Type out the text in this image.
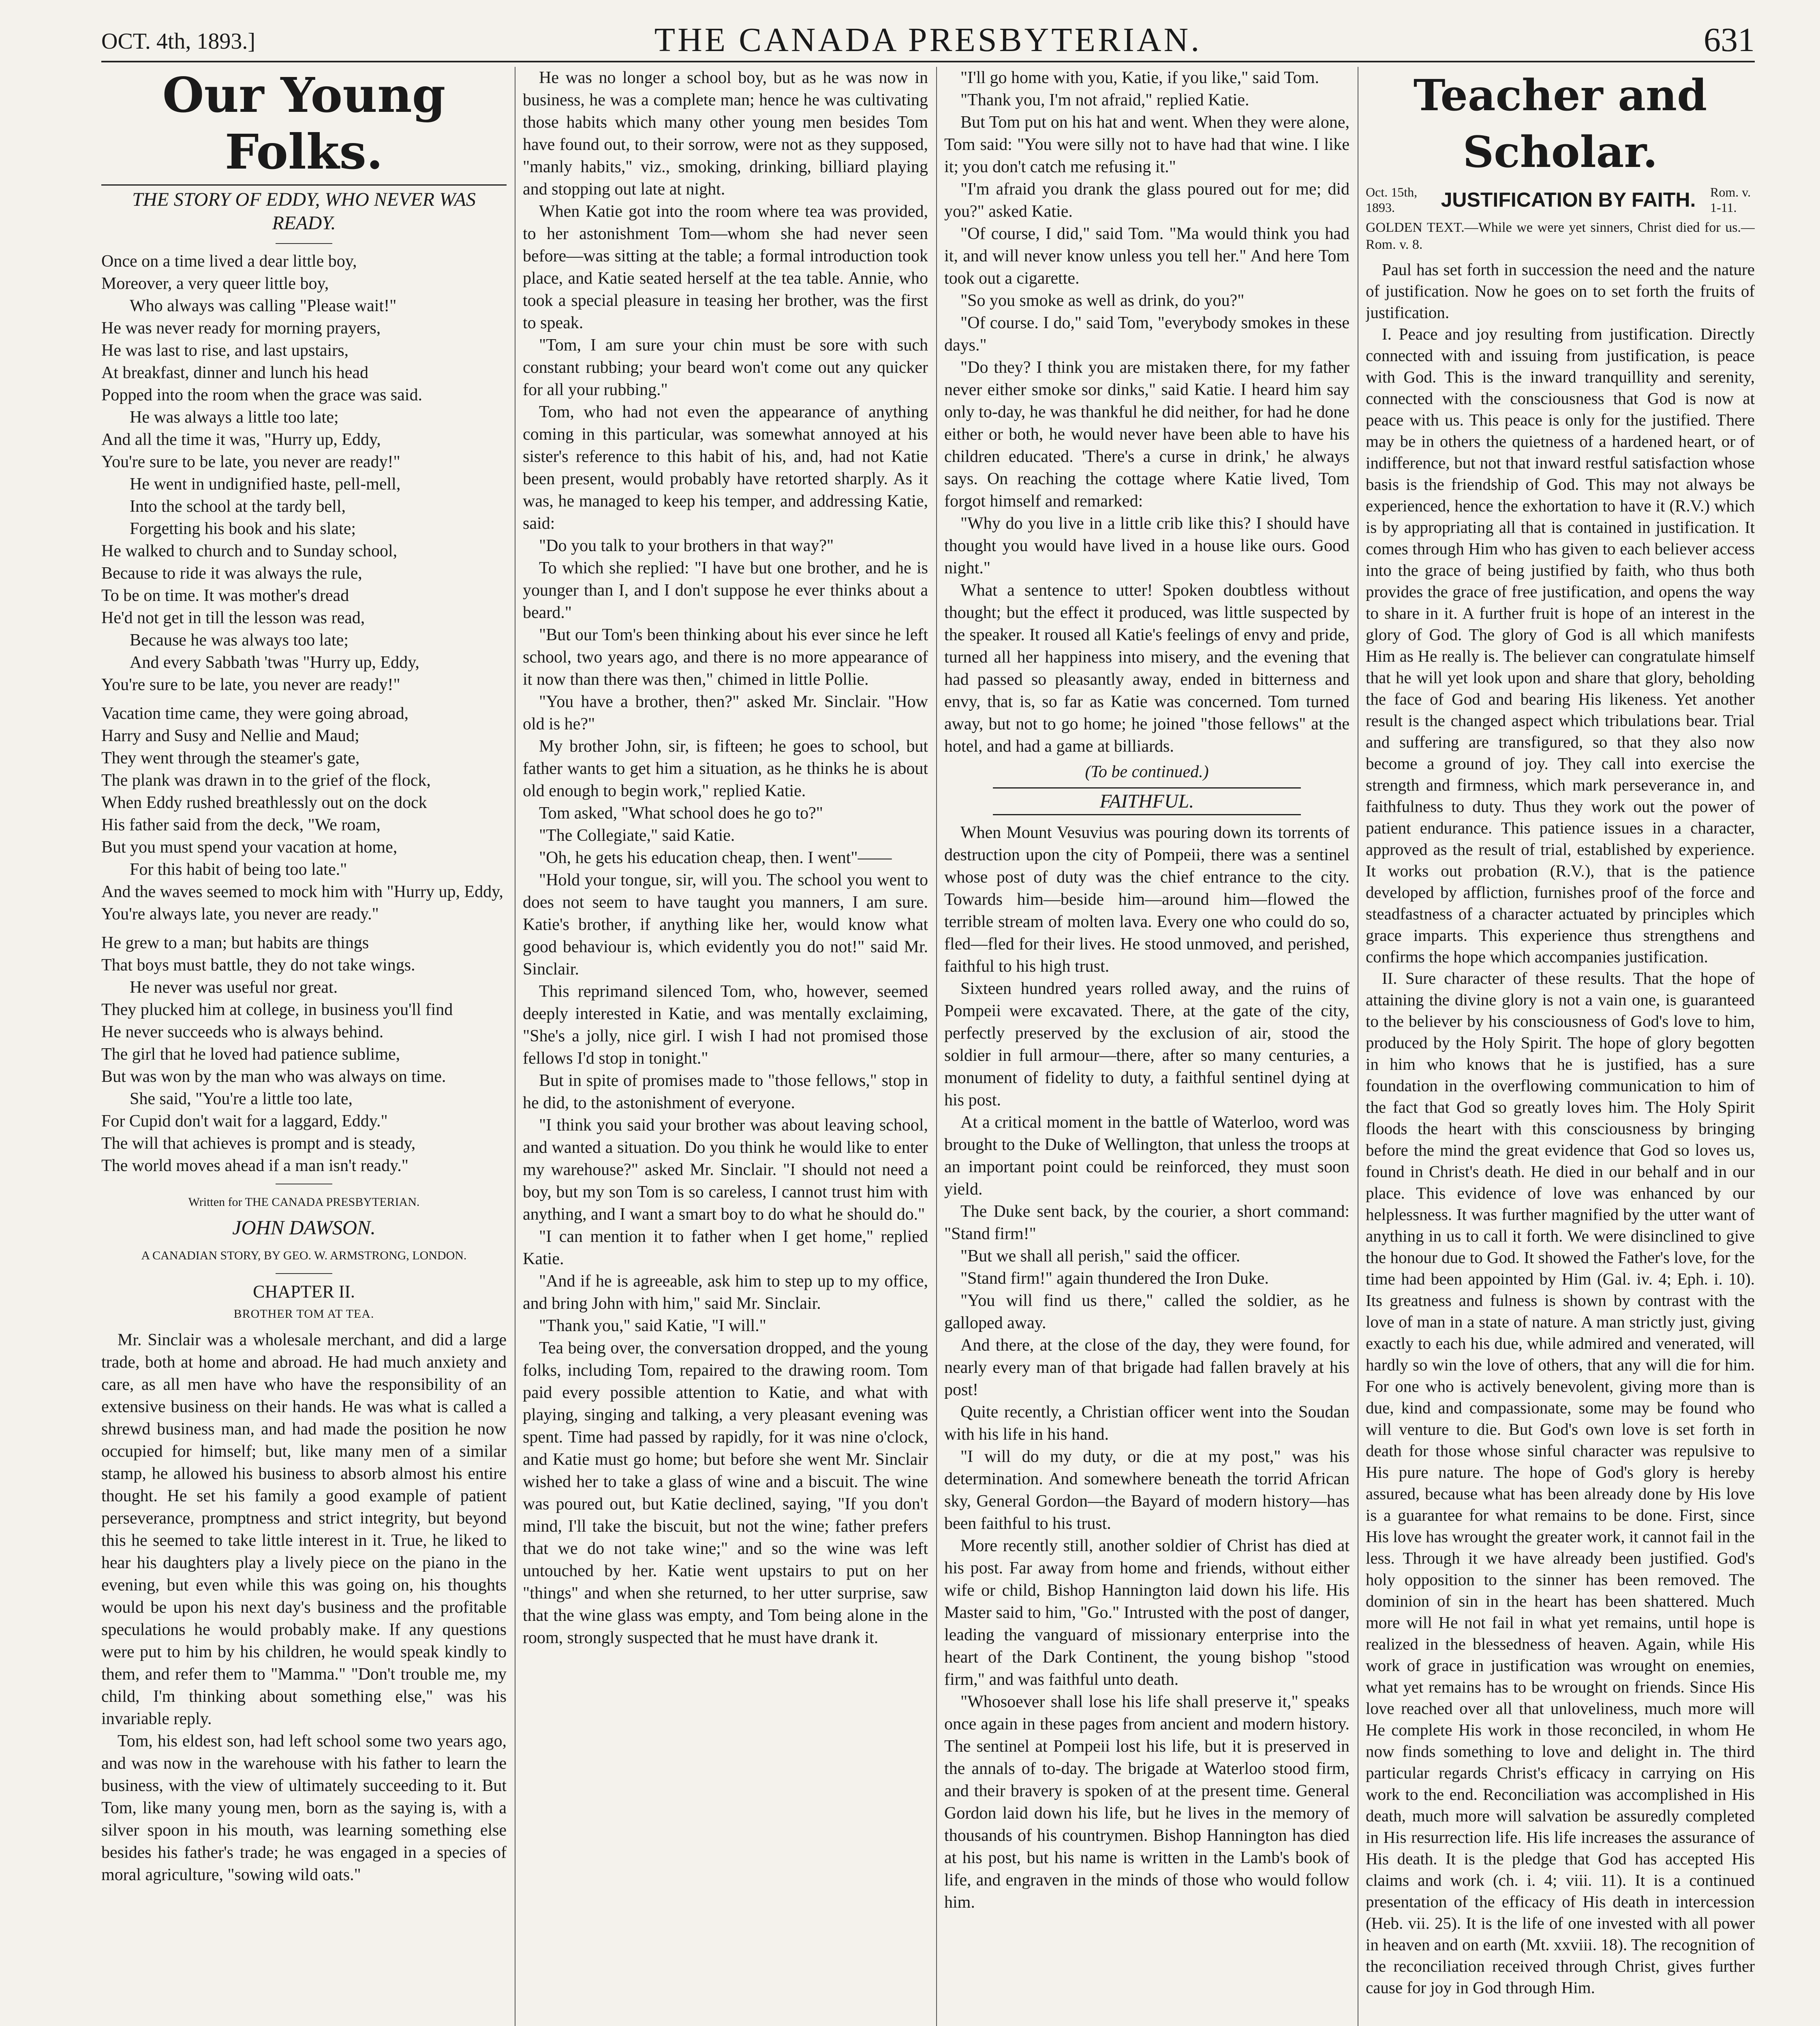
OCT. 4th, 1893.]	THE CANADA PRESBYTERIAN.	631
Our Young Folks.
THE STORY OF EDDY, WHO NEVER WAS READY.

Once on a time lived a dear little boy,

Moreover, a very queer little boy,

Who always was calling "Please wait!"

He was never ready for morning prayers,

He was last to rise, and last upstairs,

At breakfast, dinner and lunch his head

Popped into the room when the grace was said.

He was always a little too late;

And all the time it was, "Hurry up, Eddy,

You're sure to be late, you never are ready!"

He went in undignified haste, pell-mell,

Into the school at the tardy bell,

Forgetting his book and his slate;

He walked to church and to Sunday school,

Because to ride it was always the rule,

To be on time. It was mother's dread

He'd not get in till the lesson was read,

Because he was always too late;

And every Sabbath 'twas "Hurry up, Eddy,

You're sure to be late, you never are ready!"

Vacation time came, they were going abroad,

Harry and Susy and Nellie and Maud;

They went through the steamer's gate,

The plank was drawn in to the grief of the flock,

When Eddy rushed breathlessly out on the dock

His father said from the deck, "We roam,

But you must spend your vacation at home,

For this habit of being too late."

And the waves seemed to mock him with "Hurry up, Eddy,

You're always late, you never are ready."

He grew to a man; but habits are things

That boys must battle, they do not take wings.

He never was useful nor great.

They plucked him at college, in business you'll find

He never succeeds who is always behind.

The girl that he loved had patience sublime,

But was won by the man who was always on time.

She said, "You're a little too late,

For Cupid don't wait for a laggard, Eddy."

The will that achieves is prompt and is steady,

The world moves ahead if a man isn't ready."

Written for THE CANADA PRESBYTERIAN.
JOHN DAWSON.
A CANADIAN STORY, BY GEO. W. ARMSTRONG, LONDON.
CHAPTER II.
BROTHER TOM AT TEA.

Mr. Sinclair was a wholesale merchant, and did a large trade, both at home and abroad. He had much anxiety and care, as all men have who have the responsibility of an extensive business on their hands. He was what is called a shrewd business man, and had made the position he now occupied for himself; but, like many men of a similar stamp, he allowed his business to absorb almost his entire thought. He set his family a good example of patient perseverance, promptness and strict integrity, but beyond this he seemed to take little interest in it. True, he liked to hear his daughters play a lively piece on the piano in the evening, but even while this was going on, his thoughts would be upon his next day's business and the profitable speculations he would probably make. If any questions were put to him by his children, he would speak kindly to them, and refer them to "Mamma." "Don't trouble me, my child, I'm thinking about something else," was his invariable reply.

Tom, his eldest son, had left school some two years ago, and was now in the warehouse with his father to learn the business, with the view of ultimately succeeding to it. But Tom, like many young men, born as the saying is, with a silver spoon in his mouth, was learning something else besides his father's trade; he was engaged in a species of moral agriculture, "sowing wild oats."

He was no longer a school boy, but as he was now in business, he was a complete man; hence he was cultivating those habits which many other young men besides Tom have found out, to their sorrow, were not as they supposed, "manly habits," viz., smoking, drinking, billiard playing and stopping out late at night.

When Katie got into the room where tea was provided, to her astonishment Tom—whom she had never seen before—was sitting at the table; a formal introduction took place, and Katie seated herself at the tea table. Annie, who took a special pleasure in teasing her brother, was the first to speak.

"Tom, I am sure your chin must be sore with such constant rubbing; your beard won't come out any quicker for all your rubbing."

Tom, who had not even the appearance of anything coming in this particular, was somewhat annoyed at his sister's reference to this habit of his, and, had not Katie been present, would probably have retorted sharply. As it was, he managed to keep his temper, and addressing Katie, said:

"Do you talk to your brothers in that way?"

To which she replied: "I have but one brother, and he is younger than I, and I don't suppose he ever thinks about a beard."

"But our Tom's been thinking about his ever since he left school, two years ago, and there is no more appearance of it now than there was then," chimed in little Pollie.

"You have a brother, then?" asked Mr. Sinclair. "How old is he?"

My brother John, sir, is fifteen; he goes to school, but father wants to get him a situation, as he thinks he is about old enough to begin work," replied Katie.

Tom asked, "What school does he go to?"

"The Collegiate," said Katie.

"Oh, he gets his education cheap, then. I went"——

"Hold your tongue, sir, will you. The school you went to does not seem to have taught you manners, I am sure. Katie's brother, if anything like her, would know what good behaviour is, which evidently you do not!" said Mr. Sinclair.

This reprimand silenced Tom, who, however, seemed deeply interested in Katie, and was mentally exclaiming, "She's a jolly, nice girl. I wish I had not promised those fellows I'd stop in tonight."

But in spite of promises made to "those fellows," stop in he did, to the astonishment of everyone.

"I think you said your brother was about leaving school, and wanted a situation. Do you think he would like to enter my warehouse?" asked Mr. Sinclair. "I should not need a boy, but my son Tom is so careless, I cannot trust him with anything, and I want a smart boy to do what he should do."

"I can mention it to father when I get home," replied Katie.

"And if he is agreeable, ask him to step up to my office, and bring John with him," said Mr. Sinclair.

"Thank you," said Katie, "I will."

Tea being over, the conversation dropped, and the young folks, including Tom, repaired to the drawing room. Tom paid every possible attention to Katie, and what with playing, singing and talking, a very pleasant evening was spent. Time had passed by rapidly, for it was nine o'clock, and Katie must go home; but before she went Mr. Sinclair wished her to take a glass of wine and a biscuit. The wine was poured out, but Katie declined, saying, "If you don't mind, I'll take the biscuit, but not the wine; father prefers that we do not take wine;" and so the wine was left untouched by her. Katie went upstairs to put on her "things" and when she returned, to her utter surprise, saw that the wine glass was empty, and Tom being alone in the room, strongly suspected that he must have drank it.

"I'll go home with you, Katie, if you like," said Tom.

"Thank you, I'm not afraid," replied Katie.

But Tom put on his hat and went. When they were alone, Tom said: "You were silly not to have had that wine. I like it; you don't catch me refusing it."

"I'm afraid you drank the glass poured out for me; did you?" asked Katie.

"Of course, I did," said Tom. "Ma would think you had it, and will never know unless you tell her." And here Tom took out a cigarette.

"So you smoke as well as drink, do you?"

"Of course. I do," said Tom, "everybody smokes in these days."

"Do they? I think you are mistaken there, for my father never either smoke sor dinks," said Katie. I heard him say only to-day, he was thankful he did neither, for had he done either or both, he would never have been able to have his children educated. 'There's a curse in drink,' he always says. On reaching the cottage where Katie lived, Tom forgot himself and remarked:

"Why do you live in a little crib like this? I should have thought you would have lived in a house like ours. Good night."

What a sentence to utter! Spoken doubtless without thought; but the effect it produced, was little suspected by the speaker. It roused all Katie's feelings of envy and pride, turned all her happiness into misery, and the evening that had passed so pleasantly away, ended in bitterness and envy, that is, so far as Katie was concerned. Tom turned away, but not to go home; he joined "those fellows" at the hotel, and had a game at billiards.

(To be continued.)
FAITHFUL.

When Mount Vesuvius was pouring down its torrents of destruction upon the city of Pompeii, there was a sentinel whose post of duty was the chief entrance to the city. Towards him—beside him—around him—flowed the terrible stream of molten lava. Every one who could do so, fled—fled for their lives. He stood unmoved, and perished, faithful to his high trust.

Sixteen hundred years rolled away, and the ruins of Pompeii were excavated. There, at the gate of the city, perfectly preserved by the exclusion of air, stood the soldier in full armour—there, after so many centuries, a monument of fidelity to duty, a faithful sentinel dying at his post.

At a critical moment in the battle of Waterloo, word was brought to the Duke of Wellington, that unless the troops at an important point could be reinforced, they must soon yield.

The Duke sent back, by the courier, a short command: "Stand firm!"

"But we shall all perish," said the officer.

"Stand firm!" again thundered the Iron Duke.

"You will find us there," called the soldier, as he galloped away.

And there, at the close of the day, they were found, for nearly every man of that brigade had fallen bravely at his post!

Quite recently, a Christian officer went into the Soudan with his life in his hand.

"I will do my duty, or die at my post," was his determination. And somewhere beneath the torrid African sky, General Gordon—the Bayard of modern history—has been faithful to his trust.

More recently still, another soldier of Christ has died at his post. Far away from home and friends, without either wife or child, Bishop Hannington laid down his life. His Master said to him, "Go." Intrusted with the post of danger, leading the vanguard of missionary enterprise into the heart of the Dark Continent, the young bishop "stood firm," and was faithful unto death.

"Whosoever shall lose his life shall preserve it," speaks once again in these pages from ancient and modern history. The sentinel at Pompeii lost his life, but it is preserved in the annals of to-day. The brigade at Waterloo stood firm, and their bravery is spoken of at the present time. General Gordon laid down his life, but he lives in the memory of thousands of his countrymen. Bishop Hannington has died at his post, but his name is written in the Lamb's book of life, and engraven in the minds of those who would follow him.

Teacher and Scholar.
Oct. 15th, 1893.	JUSTIFICATION BY FAITH. Rom. v. 1-11.
GOLDEN TEXT.—While we were yet sinners, Christ died for us.—Rom. v. 8.

Paul has set forth in succession the need and the nature of justification. Now he goes on to set forth the fruits of justification.

I. Peace and joy resulting from justification. Directly connected with and issuing from justification, is peace with God. This is the inward tranquillity and serenity, connected with the consciousness that God is now at peace with us. This peace is only for the justified. There may be in others the quietness of a hardened heart, or of indifference, but not that inward restful satisfaction whose basis is the friendship of God. This may not always be experienced, hence the exhortation to have it (R.V.) which is by appropriating all that is contained in justification. It comes through Him who has given to each believer access into the grace of being justified by faith, who thus both provides the grace of free justification, and opens the way to share in it. A further fruit is hope of an interest in the glory of God. The glory of God is all which manifests Him as He really is. The believer can congratulate himself that he will yet look upon and share that glory, beholding the face of God and bearing His likeness. Yet another result is the changed aspect which tribulations bear. Trial and suffering are transfigured, so that they also now become a ground of joy. They call into exercise the strength and firmness, which mark perseverance in, and faithfulness to duty. Thus they work out the power of patient endurance. This patience issues in a character, approved as the result of trial, established by experience. It works out probation (R.V.), that is the patience developed by affliction, furnishes proof of the force and steadfastness of a character actuated by principles which grace imparts. This experience thus strengthens and confirms the hope which accompanies justification.

II. Sure character of these results. That the hope of attaining the divine glory is not a vain one, is guaranteed to the believer by his consciousness of God's love to him, produced by the Holy Spirit. The hope of glory begotten in him who knows that he is justified, has a sure foundation in the overflowing communication to him of the fact that God so greatly loves him. The Holy Spirit floods the heart with this consciousness by bringing before the mind the great evidence that God so loves us, found in Christ's death. He died in our behalf and in our place. This evidence of love was enhanced by our helplessness. It was further magnified by the utter want of anything in us to call it forth. We were disinclined to give the honour due to God. It showed the Father's love, for the time had been appointed by Him (Gal. iv. 4; Eph. i. 10). Its greatness and fulness is shown by contrast with the love of man in a state of nature. A man strictly just, giving exactly to each his due, while admired and venerated, will hardly so win the love of others, that any will die for him. For one who is actively benevolent, giving more than is due, kind and compassionate, some may be found who will venture to die. But God's own love is set forth in death for those whose sinful character was repulsive to His pure nature. The hope of God's glory is hereby assured, because what has been already done by His love is a guarantee for what remains to be done. First, since His love has wrought the greater work, it cannot fail in the less. Through it we have already been justified. God's holy opposition to the sinner has been removed. The dominion of sin in the heart has been shattered. Much more will He not fail in what yet remains, until hope is realized in the blessedness of heaven. Again, while His work of grace in justification was wrought on enemies, what yet remains has to be wrought on friends. Since His love reached over all that unloveliness, much more will He complete His work in those reconciled, in whom He now finds something to love and delight in. The third particular regards Christ's efficacy in carrying on His work to the end. Reconciliation was accomplished in His death, much more will salvation be assuredly completed in His resurrection life. His life increases the assurance of His death. It is the pledge that God has accepted His claims and work (ch. i. 4; viii. 11). It is a continued presentation of the efficacy of His death in intercession (Heb. vii. 25). It is the life of one invested with all power in heaven and on earth (Mt. xxviii. 18). The recognition of the reconciliation received through Christ, gives further cause for joy in God through Him.
